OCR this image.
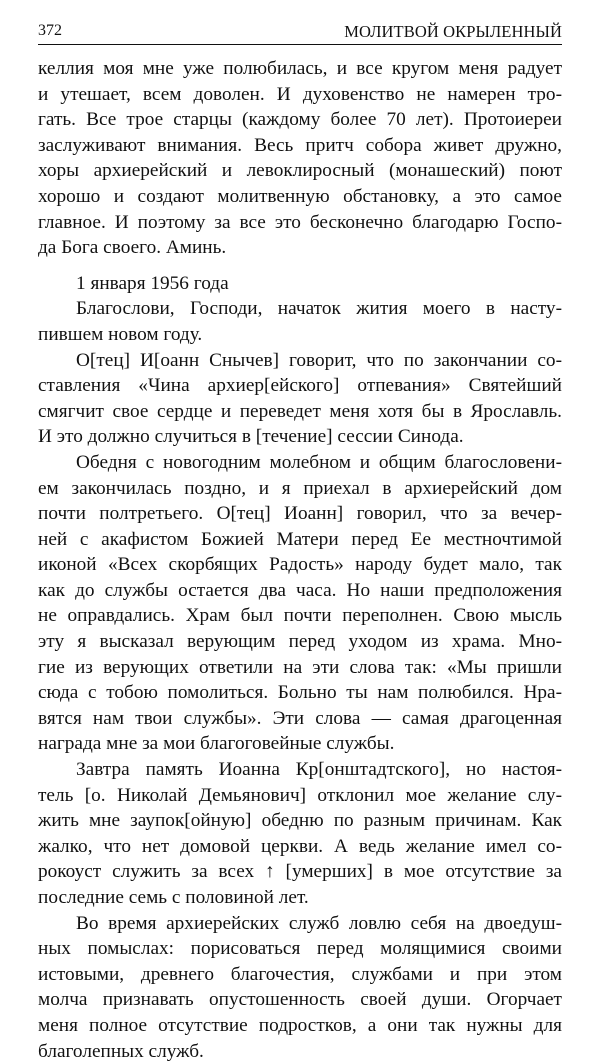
372	МОЛИТВОЙ ОКРЫЛЕННЫЙ
келлия моя мне уже полюбилась, и все кругом меня радует
и утешает, всем доволен. И духовенство не намерен тро-
гать. Все трое старцы (каждому более 70 лет). Протоиереи
заслуживают внимания. Весь притч собора живет дружно,
хоры архиерейский и левоклиросный (монашеский) поют
хорошо и создают молитвенную обстановку, а это самое
главное. И поэтому за все это бесконечно благодарю Госпо-
да Бога своего. Аминь.
1 января 1956 года
Благослови, Господи, начаток жития моего в насту-
пившем новом году.
О[тец] И[оанн Снычев] говорит, что по закончании со-
ставления «Чина архиер[ейского] отпевания» Святейший
смягчит свое сердце и переведет меня хотя бы в Ярославль.
И это должно случиться в [течение] сессии Синода.
Обедня с новогодним молебном и общим благословени-
ем закончилась поздно, и я приехал в архиерейский дом
почти полтретьего. О[тец] Иоанн] говорил, что за вечер-
ней с акафистом Божией Матери перед Ее местночтимой
иконой «Всех скорбящих Радость» народу будет мало, так
как до службы остается два часа. Но наши предположения
не оправдались. Храм был почти переполнен. Свою мысль
эту я высказал верующим перед уходом из храма. Мно-
гие из верующих ответили на эти слова так: «Мы пришли
сюда с тобою помолиться. Больно ты нам полюбился. Нра-
вятся нам твои службы». Эти слова — самая драгоценная
награда мне за мои благоговейные службы.
Завтра память Иоанна Кр[онштадтского], но настоя-
тель [о. Николай Демьянович] отклонил мое желание слу-
жить мне заупок[ойную] обедню по разным причинам. Как
жалко, что нет домовой церкви. А ведь желание имел со-
рокоуст служить за всех ↑ [умерших] в мое отсутствие за
последние семь с половиной лет.
Во время архиерейских служб ловлю себя на двоедуш-
ных помыслах: порисоваться перед молящимися своими
истовыми, древнего благочестия, службами и при этом
молча признавать опустошенность своей души. Огорчает
меня полное отсутствие подростков, а они так нужны для
благолепных служб.
